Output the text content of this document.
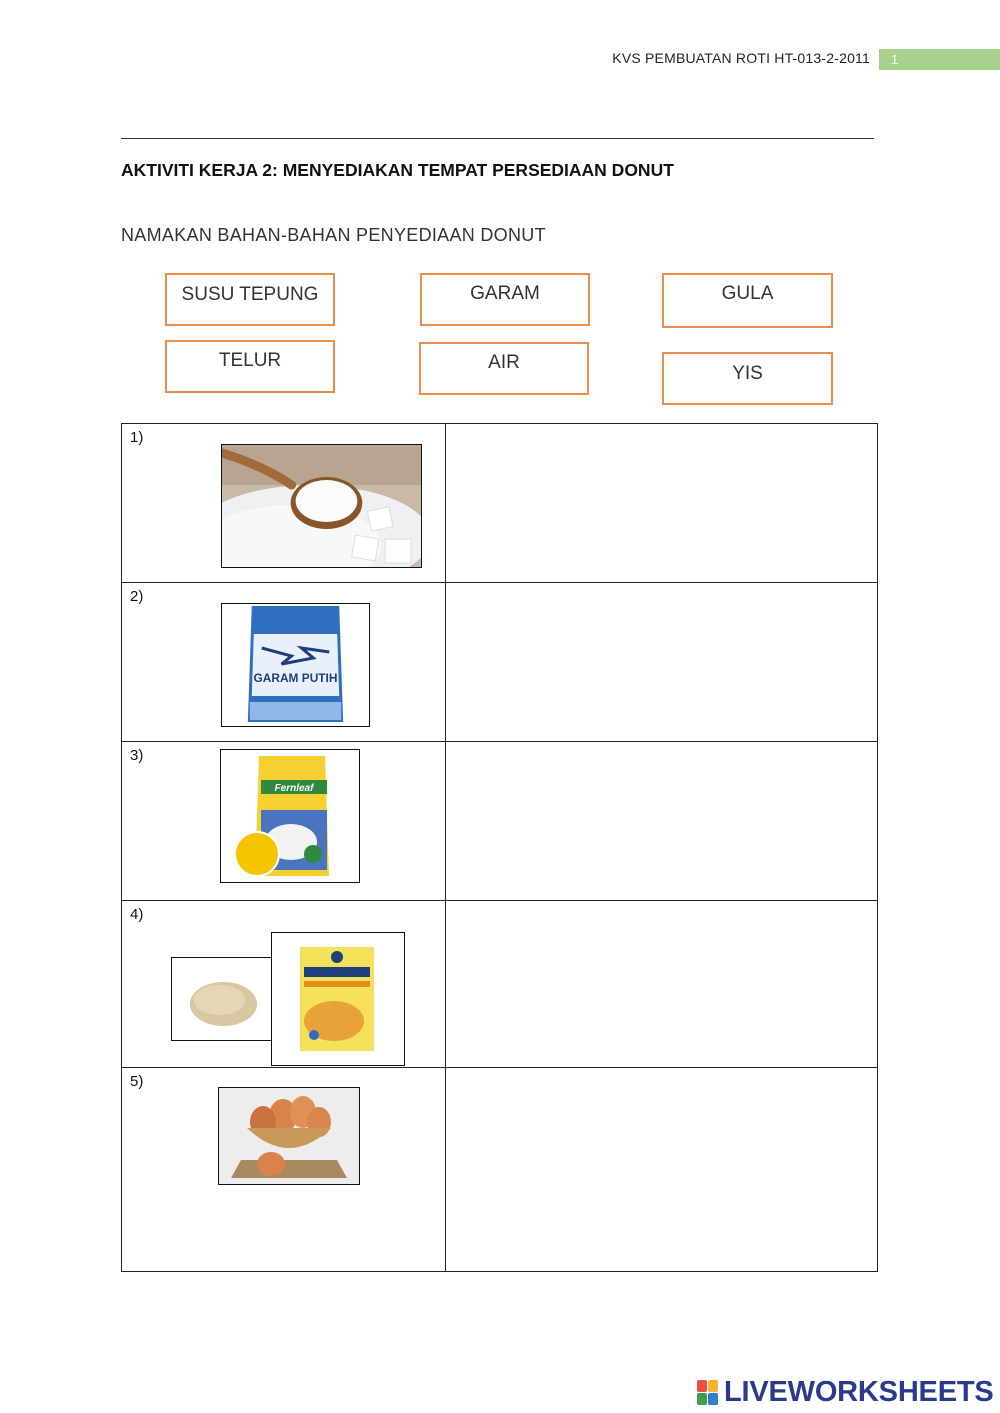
KVS PEMBUATAN ROTI HT-013-2-2011	1
AKTIVITI KERJA 2: MENYEDIAKAN TEMPAT PERSEDIAAN DONUT
NAMAKAN BAHAN-BAHAN PENYEDIAAN DONUT
SUSU TEPUNG	GARAM	GULA
TELUR	AIR
YIS
1)	

2)
GARAM PUTIH	

3)
Fernleaf	

4)	

5)	

LIVEWORKSHEETS
